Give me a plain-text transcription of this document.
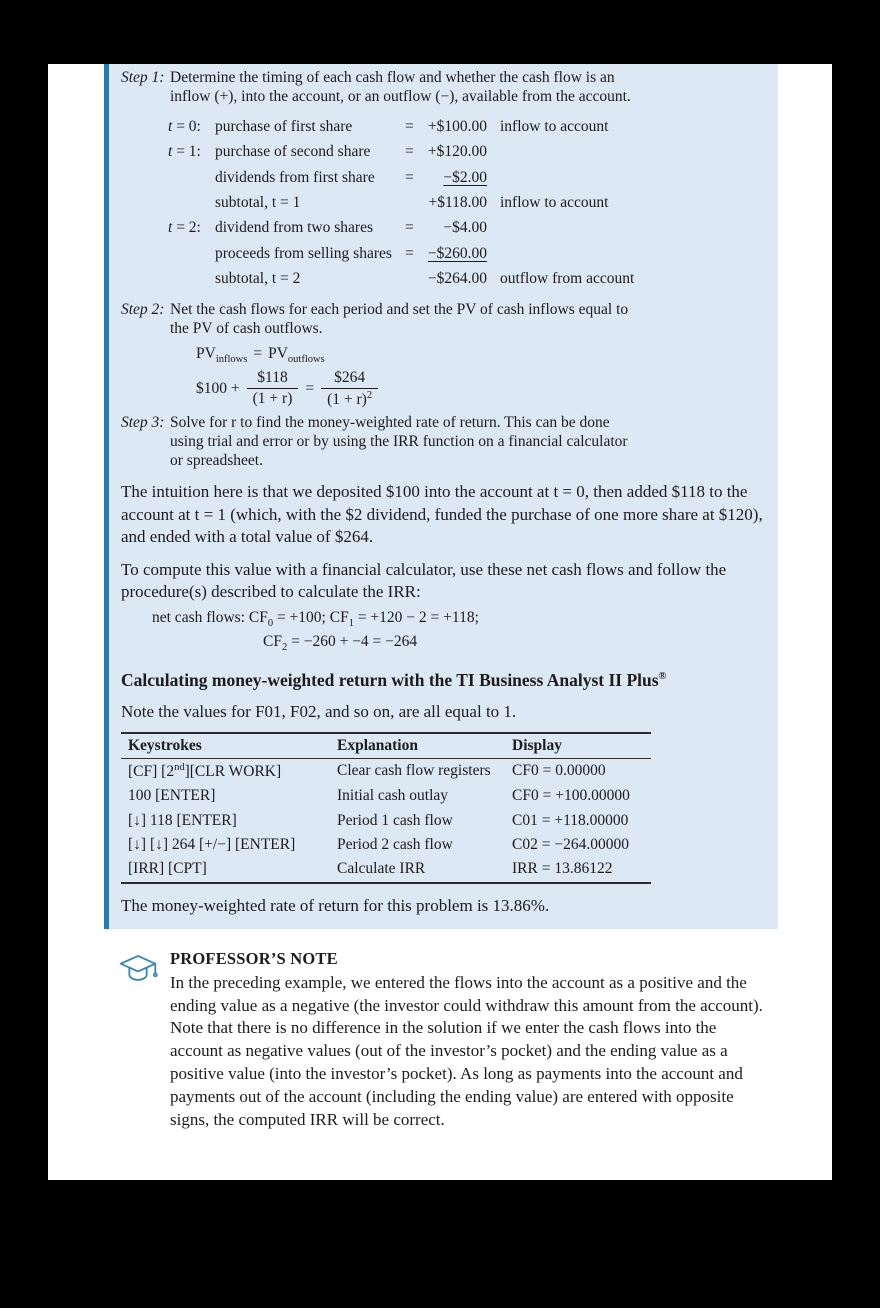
Step 1: Determine the timing of each cash flow and whether the cash flow is an inflow (+), into the account, or an outflow (−), available from the account.
t = 0: purchase of first share	= +$100.00 inflow to account
t = 1: purchase of second share	= +$120.00
dividends from first share	=	−$2.00
subtotal, t = 1	+$118.00 inflow to account
t = 2: dividend from two shares	=	−$4.00
proceeds from selling shares = −$260.00
subtotal, t = 2	−$264.00 outflow from account
Step 2: Net the cash flows for each period and set the PV of cash inflows equal to the PV of cash outflows.
$PV_{inflows} = PV_{outflows}$
$100 + $\frac{\$118}{(1 + r)} = \frac{\$264}{(1 + r)^2}$
Step 3: Solve for r to find the money-weighted rate of return. This can be done using trial and error or by using the IRR function on a financial calculator or spreadsheet.

The intuition here is that we deposited $100 into the account at t = 0, then added $118 to the account at t = 1 (which, with the $2 dividend, funded the purchase of one more share at $120), and ended with a total value of $264.

To compute this value with a financial calculator, use these net cash flows and follow the procedure(s) described to calculate the IRR:

net cash flows: $CF_0 = +100$; $CF_1 = +120 - 2 = +118$;
$CF_2 = -260 + -4 = -264$
Calculating money-weighted return with the TI Business Analyst II Plus®

Note the values for F01, F02, and so on, are all equal to 1.

Keystrokes	Explanation	Display
[CF] [2nd][CLR WORK]	Clear cash flow registers	CF0 = 0.00000
100 [ENTER]	Initial cash outlay	CF0 = +100.00000
[↓] 118 [ENTER]	Period 1 cash flow	C01 = +118.00000
[↓] [↓] 264 [+/−] [ENTER]	Period 2 cash flow	C02 = −264.00000
[IRR] [CPT]	Calculate IRR	IRR = 13.86122

The money-weighted rate of return for this problem is 13.86%.

PROFESSOR’S NOTE

In the preceding example, we entered the flows into the account as a positive and the ending value as a negative (the investor could withdraw this amount from the account). Note that there is no difference in the solution if we enter the cash flows into the account as negative values (out of the investor’s pocket) and the ending value as a positive value (into the investor’s pocket). As long as payments into the account and payments out of the account (including the ending value) are entered with opposite signs, the computed IRR will be correct.
